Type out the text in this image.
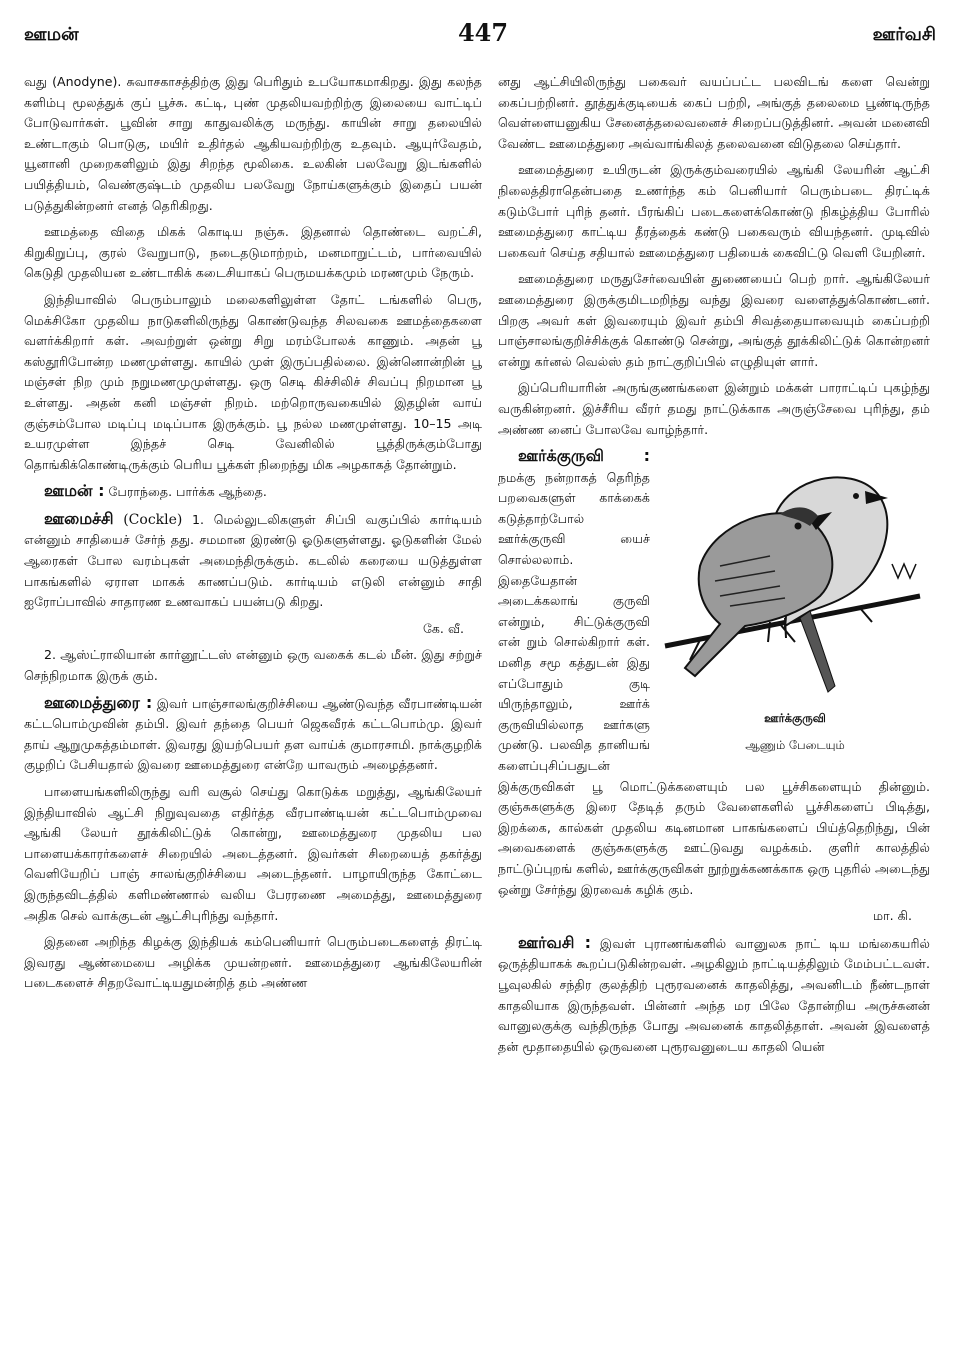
ஊமன்	447	ஊர்வசி

வது (Anodyne). சுவாசகாசத்திற்கு இது பெரிதும் உபயோகமாகிறது. இது கலந்த களிம்பு மூலத்துக் குப் பூச்சு. கட்டி, புண் முதலியவற்றிற்கு இலையை வாட்டிப் போடுவார்கள். பூவின் சாறு காதுவலிக்கு மருந்து. காயின் சாறு தலையில் உண்டாகும் பொடுகு, மயிர் உதிர்தல் ஆகியவற்றிற்கு உதவும். ஆயுர்வேதம், யூனானி முறைகளிலும் இது சிறந்த மூலிகை. உலகின் பலவேறு இடங்களில் பயித்தியம், வெண்குஷ்டம் முதலிய பலவேறு நோய்களுக்கும் இதைப் பயன் படுத்துகின்றனர் எனத் தெரிகிறது.

ஊமத்தை விதை மிகக் கொடிய நஞ்சு. இதனால் தொண்டை வறட்சி, கிறுகிறுப்பு, குரல் வேறுபாடு, நடைதடுமாற்றம், மனமாறுட்டம், பார்வையில் கெடுதி முதலியன உண்டாகிக் கடைசியாகப் பெருமயக்கமும் மரணமும் நேரும்.

இந்தியாவில் பெரும்பாலும் மலைகளிலுள்ள தோட் டங்களில் பெரு, மெக்சிகோ முதலிய நாடுகளிலிருந்து கொண்டுவந்த சிலவகை ஊமத்தைகளை வளர்க்கிறார் கள். அவற்றுள் ஒன்று சிறு மரம்போலக் காணும். அதன் பூ கஸ்தூரிபோன்ற மணமுள்ளது. காயில் முள் இருப்பதில்லை. இன்னொன்றின் பூ மஞ்சள் நிற மும் நறுமணமுமுள்ளது. ஒரு செடி கிச்சிலிச் சிவப்பு நிறமான பூ உள்ளது. அதன் கனி மஞ்சள் நிறம். மற்றொருவகையில் இதழின் வாய் குஞ்சம்போல மடிப்பு மடிப்பாக இருக்கும். பூ நல்ல மணமுள்ளது. 10–15 அடி உயரமுள்ள இந்தச் செடி வேனிலில் பூத்திருக்கும்போது தொங்கிக்கொண்டிருக்கும் பெரிய பூக்கள் நிறைந்து மிக அழகாகத் தோன்றும்.

ஊமன் : பேராந்தை. பார்க்க ஆந்தை.

ஊமைச்சி (Cockle) 1. மெல்லுடலிகளுள் சிப்பி வகுப்பில் கார்டியம் என்னும் சாதியைச் சேர்ந் தது. சமமான இரண்டு ஓடுகளுள்ளது. ஓடுகளின் மேல் ஆரைகள் போல வரம்புகள் அமைந்திருக்கும். கடலில் கரையை யடுத்துள்ள பாகங்களில் ஏராள மாகக் காணப்படும். கார்டியம் எடுலி என்னும் சாதி ஐரோப்பாவில் சாதாரண உணவாகப் பயன்படு கிறது.

கே. வீ.

2. ஆஸ்ட்ராலியான் கார்னூட்டஸ் என்னும் ஒரு வகைக் கடல் மீன். இது சற்றுச் செந்நிறமாக இருக் கும்.

ஊமைத்துரை : இவர் பாஞ்சாலங்குறிச்சியை ஆண்டுவந்த வீரபாண்டியன் கட்டபொம்முவின் தம்பி. இவர் தந்தை பெயர் ஜெகவீரக் கட்டபொம்மு. இவர் தாய் ஆறுமுகத்தம்மாள். இவரது இயற்பெயர் தள வாய்க் குமாரசாமி. நாக்குழறிக் குழறிப் பேசியதால் இவரை ஊமைத்துரை என்றே யாவரும் அழைத்தனர்.

பாளையங்களிலிருந்து வரி வசூல் செய்து கொடுக்க மறுத்து, ஆங்கிலேயர் இந்தியாவில் ஆட்சி நிறுவுவதை எதிர்த்த வீரபாண்டியன் கட்டபொம்முவை ஆங்கி லேயர் தூக்கிலிட்டுக் கொன்று, ஊமைத்துரை முதலிய பல பாளையக்காரர்களைச் சிறையில் அடைத்தனர். இவர்கள் சிறையைத் தகர்த்து வெளியேறிப் பாஞ் சாலங்குறிச்சியை அடைந்தனர். பாழாயிருந்த கோட்டை இருந்தவிடத்தில் களிமண்ணால் வலிய பேரரணை அமைத்து, ஊமைத்துரை அதிக செல் வாக்குடன் ஆட்சிபுரிந்து வந்தார்.

இதனை அறிந்த கிழக்கு இந்தியக் கம்பெனியார் பெரும்படைகளைத் திரட்டி இவரது ஆண்மையை அழிக்க முயன்றனர். ஊமைத்துரை ஆங்கிலேயரின் படைகளைச் சிதறவோட்டியதுமன்றித் தம் அண்ண

னது ஆட்சியிலிருந்து பகைவர் வயப்பட்ட பலவிடங் களை வென்று கைப்பற்றினர். தூத்துக்குடியைக் கைப் பற்றி, அங்குத் தலைமை பூண்டிருந்த வெள்ளையனுகிய சேனைத்தலைவனைச் சிறைப்படுத்தினர். அவன் மனைவி வேண்ட ஊமைத்துரை அவ்வாங்கிலத் தலைவனை விடுதலை செய்தார்.

ஊமைத்துரை உயிருடன் இருக்கும்வரையில் ஆங்கி லேயரின் ஆட்சி நிலைத்திராதென்பதை உணர்ந்த கம் பெனியார் பெரும்படை திரட்டிக் கடும்போர் புரிந் தனர். பீரங்கிப் படைகளைக்கொண்டு நிகழ்த்திய போரில் ஊமைத்துரை காட்டிய தீரத்தைக் கண்டு பகைவரும் வியந்தனர். முடிவில் பகைவர் செய்த சதியால் ஊமைத்துரை பதியைக் கைவிட்டு வெளி யேறினர்.

ஊமைத்துரை மருதுசேர்வையின் துணையைப் பெற் றார். ஆங்கிலேயர் ஊமைத்துரை இருக்குமிடமறிந்து வந்து இவரை வளைத்துக்கொண்டனர். பிறகு அவர் கள் இவரையும் இவர் தம்பி சிவத்தையாவையும் கைப்பற்றி பாஞ்சாலங்குறிச்சிக்குக் கொண்டு சென்று, அங்குத் தூக்கிலிட்டுக் கொன்றனர் என்று கர்னல் வெல்ஸ் தம் நாட்குறிப்பில் எழுதியுள் ளார்.

இப்பெரியாரின் அருங்குணங்களை இன்றும் மக்கள் பாராட்டிப் புகழ்ந்து வருகின்றனர். இச்சீரிய வீரர் தமது நாட்டுக்காக அருஞ்சேவை புரிந்து, தம் அண்ண னைப் போலவே வாழ்ந்தார்.

ஊர்க்குருவி
ஆணும் பேடையும்

ஊர்க்குருவி : நமக்கு நன்றாகத் தெரிந்த பறவைகளுள் காக்கைக் கடுத்தாற்போல் ஊர்க்குருவி யைச் சொல்லலாம். இதையேதான் அடைக்கலாங் குருவி என்றும், சிட்டுக்குருவி என் றும் சொல்கிறார் கள். மனித சமூ கத்துடன் இது எப்போதும் குடி யிருந்தாலும், ஊர்க் குருவியில்லாத ஊர்களு முண்டு. பலவித தானியங் களைப்புசிப்பதுடன் இக்குருவிகள் பூ மொட்டுக்களையும் பல பூச்சிகளையும் தின்னும். குஞ்சுகளுக்கு இரை தேடித் தரும் வேளைகளில் பூச்சிகளைப் பிடித்து, இறக்கை, கால்கள் முதலிய கடினமான பாகங்களைப் பிய்த்தெறிந்து, பின் அவைகளைக் குஞ்சுகளுக்கு ஊட்டுவது வழக்கம். குளிர் காலத்தில் நாட்டுப்புறங் களில், ஊர்க்குருவிகள் நூற்றுக்கணக்காக ஒரு புதரில் அடைந்து ஒன்று சேர்ந்து இரவைக் கழிக் கும்.

மா. கி.

ஊர்வசி : இவள் புராணங்களில் வானுலக நாட் டிய மங்கையரில் ஒருத்தியாகக் கூறப்படுகின்றவள். அழகிலும் நாட்டியத்திலும் மேம்பட்டவள். பூவுலகில் சந்திர குலத்திற் புரூரவனைக் காதலித்து, அவனிடம் நீண்டநாள் காதலியாக இருந்தவள். பின்னர் அந்த மர பிலே தோன்றிய அருச்சுனன் வானுலகுக்கு வந்திருந்த போது அவனைக் காதலித்தாள். அவன் இவளைத் தன் மூதாதையில் ஒருவனை புரூரவனுடைய காதலி யென்
